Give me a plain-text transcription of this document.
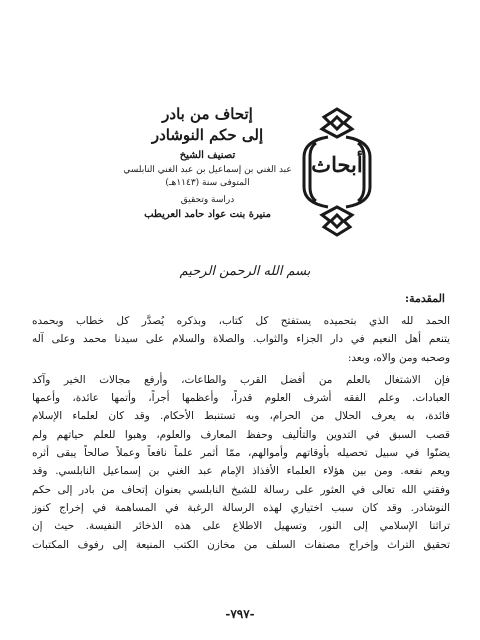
أبحاث
إتحاف من بادر
إلى حكم النوشادر
تصنيف الشيخ
عبد الغني بن إسماعيل بن عبد الغني النابلسي
المتوفى سنة (١١٤٣هـ)
دراسة وتحقيق
منيرة بنت عواد حامد العريطب
بسم الله الرحمن الرحيم
المقدمة:
الحمد لله الذي بتحميده يستفتح كل كتاب، وبذكره يُصدَّر كل خطاب وبحمده
يتنعم أهل النعيم في دار الجزاء والثواب. والصلاة والسلام على سيدنا محمد وعلى آله
وصحبه ومن والاه، وبعد:
فإن الاشتغال بالعلم من أفضل القرب والطاعات، وأرفع مجالات الخير وآكد
العبادات. وعلم الفقه أشرف العلوم قدراً، وأعظمها أجراً، وأتمها عائدة، وأعمها
فائدة، به يعرف الحلال من الحرام، وبه تستنبط الأحكام. وقد كان لعلماء الإسلام
قصب السبق في التدوين والتأليف وحفظ المعارف والعلوم، وهبوا للعلم حياتهم ولم
يضنّوا في سبيل تحصيله بأوقاتهم وأموالهم، ممّا أثمر علماً نافعاً وعملاً صالحاً يبقى أثره
ويعم نفعه. ومن بين هؤلاء العلماء الأفذاذ الإمام عبد الغني بن إسماعيل النابلسي. وقد
وفقني الله تعالى في العثور على رسالة للشيخ النابلسي بعنوان إتحاف من بادر إلى حكم
النوشادر. وقد كان سبب اختياري لهذه الرسالة الرغبة في المساهمة في إخراج كنوز
تراثنا الإسلامي إلى النور، وتسهيل الاطلاع على هذه الذخائر النفيسة. حيث إن
تحقيق التراث وإخراج مصنفات السلف من مخازن الكتب المنيعة إلى رفوف المكتبات
-٧٩٧-
